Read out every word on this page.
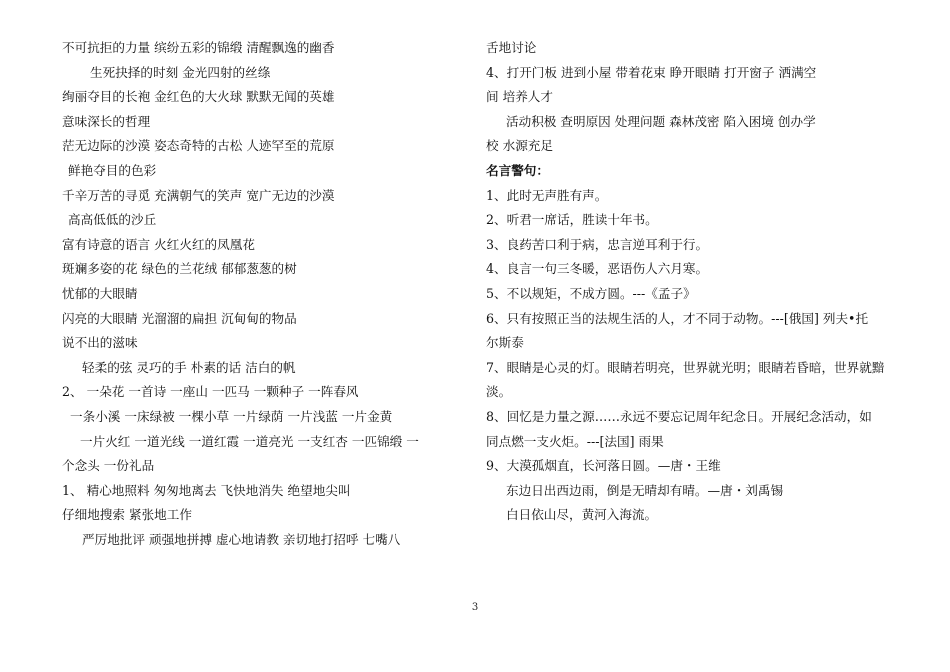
不可抗拒的力量 缤纷五彩的锦缎 清醒飘逸的幽香
生死抉择的时刻 金光四射的丝绦
绚丽夺目的长袍 金红色的大火球 默默无闻的英雄
意味深长的哲理
茫无边际的沙漠 姿态奇特的古松 人迹罕至的荒原
鲜艳夺目的色彩
千辛万苦的寻觅 充满朝气的笑声 宽广无边的沙漠
高高低低的沙丘
富有诗意的语言 火红火红的凤凰花
斑斓多姿的花 绿色的兰花绒 郁郁葱葱的树
忧郁的大眼睛
闪亮的大眼睛 光溜溜的扁担 沉甸甸的物品
说不出的滋味
轻柔的弦 灵巧的手 朴素的话 洁白的帆
2、 一朵花 一首诗 一座山 一匹马 一颗种子 一阵春风
一条小溪 一床绿被 一棵小草 一片绿荫 一片浅蓝 一片金黄
一片火红 一道光线 一道红霞 一道亮光 一支红杏 一匹锦缎 一
个念头 一份礼品
1、 精心地照料 匆匆地离去 飞快地消失 绝望地尖叫
仔细地搜索 紧张地工作
严厉地批评 顽强地拼搏 虚心地请教 亲切地打招呼 七嘴八
舌地讨论
4、打开门板 进到小屋 带着花束 睁开眼睛 打开窗子 洒满空
间 培养人才
活动积极 查明原因 处理问题 森林茂密 陷入困境 创办学
校 水源充足
名言警句：
1、此时无声胜有声。
2、听君一席话，胜读十年书。
3、良药苦口利于病，忠言逆耳利于行。
4、良言一句三冬暖，恶语伤人六月寒。
5、不以规矩，不成方圆。---《孟子》
6、只有按照正当的法规生活的人，才不同于动物。---[俄国] 列夫•托
尔斯泰
7、眼睛是心灵的灯。眼睛若明亮，世界就光明；眼睛若昏暗，世界就黯
淡。
8、回忆是力量之源……永远不要忘记周年纪念日。开展纪念活动，如
同点燃一支火炬。---[法国] 雨果
9、大漠孤烟直，长河落日圆。—唐・王维
东边日出西边雨，倒是无晴却有晴。—唐・刘禹锡
白日依山尽，黄河入海流。
3
